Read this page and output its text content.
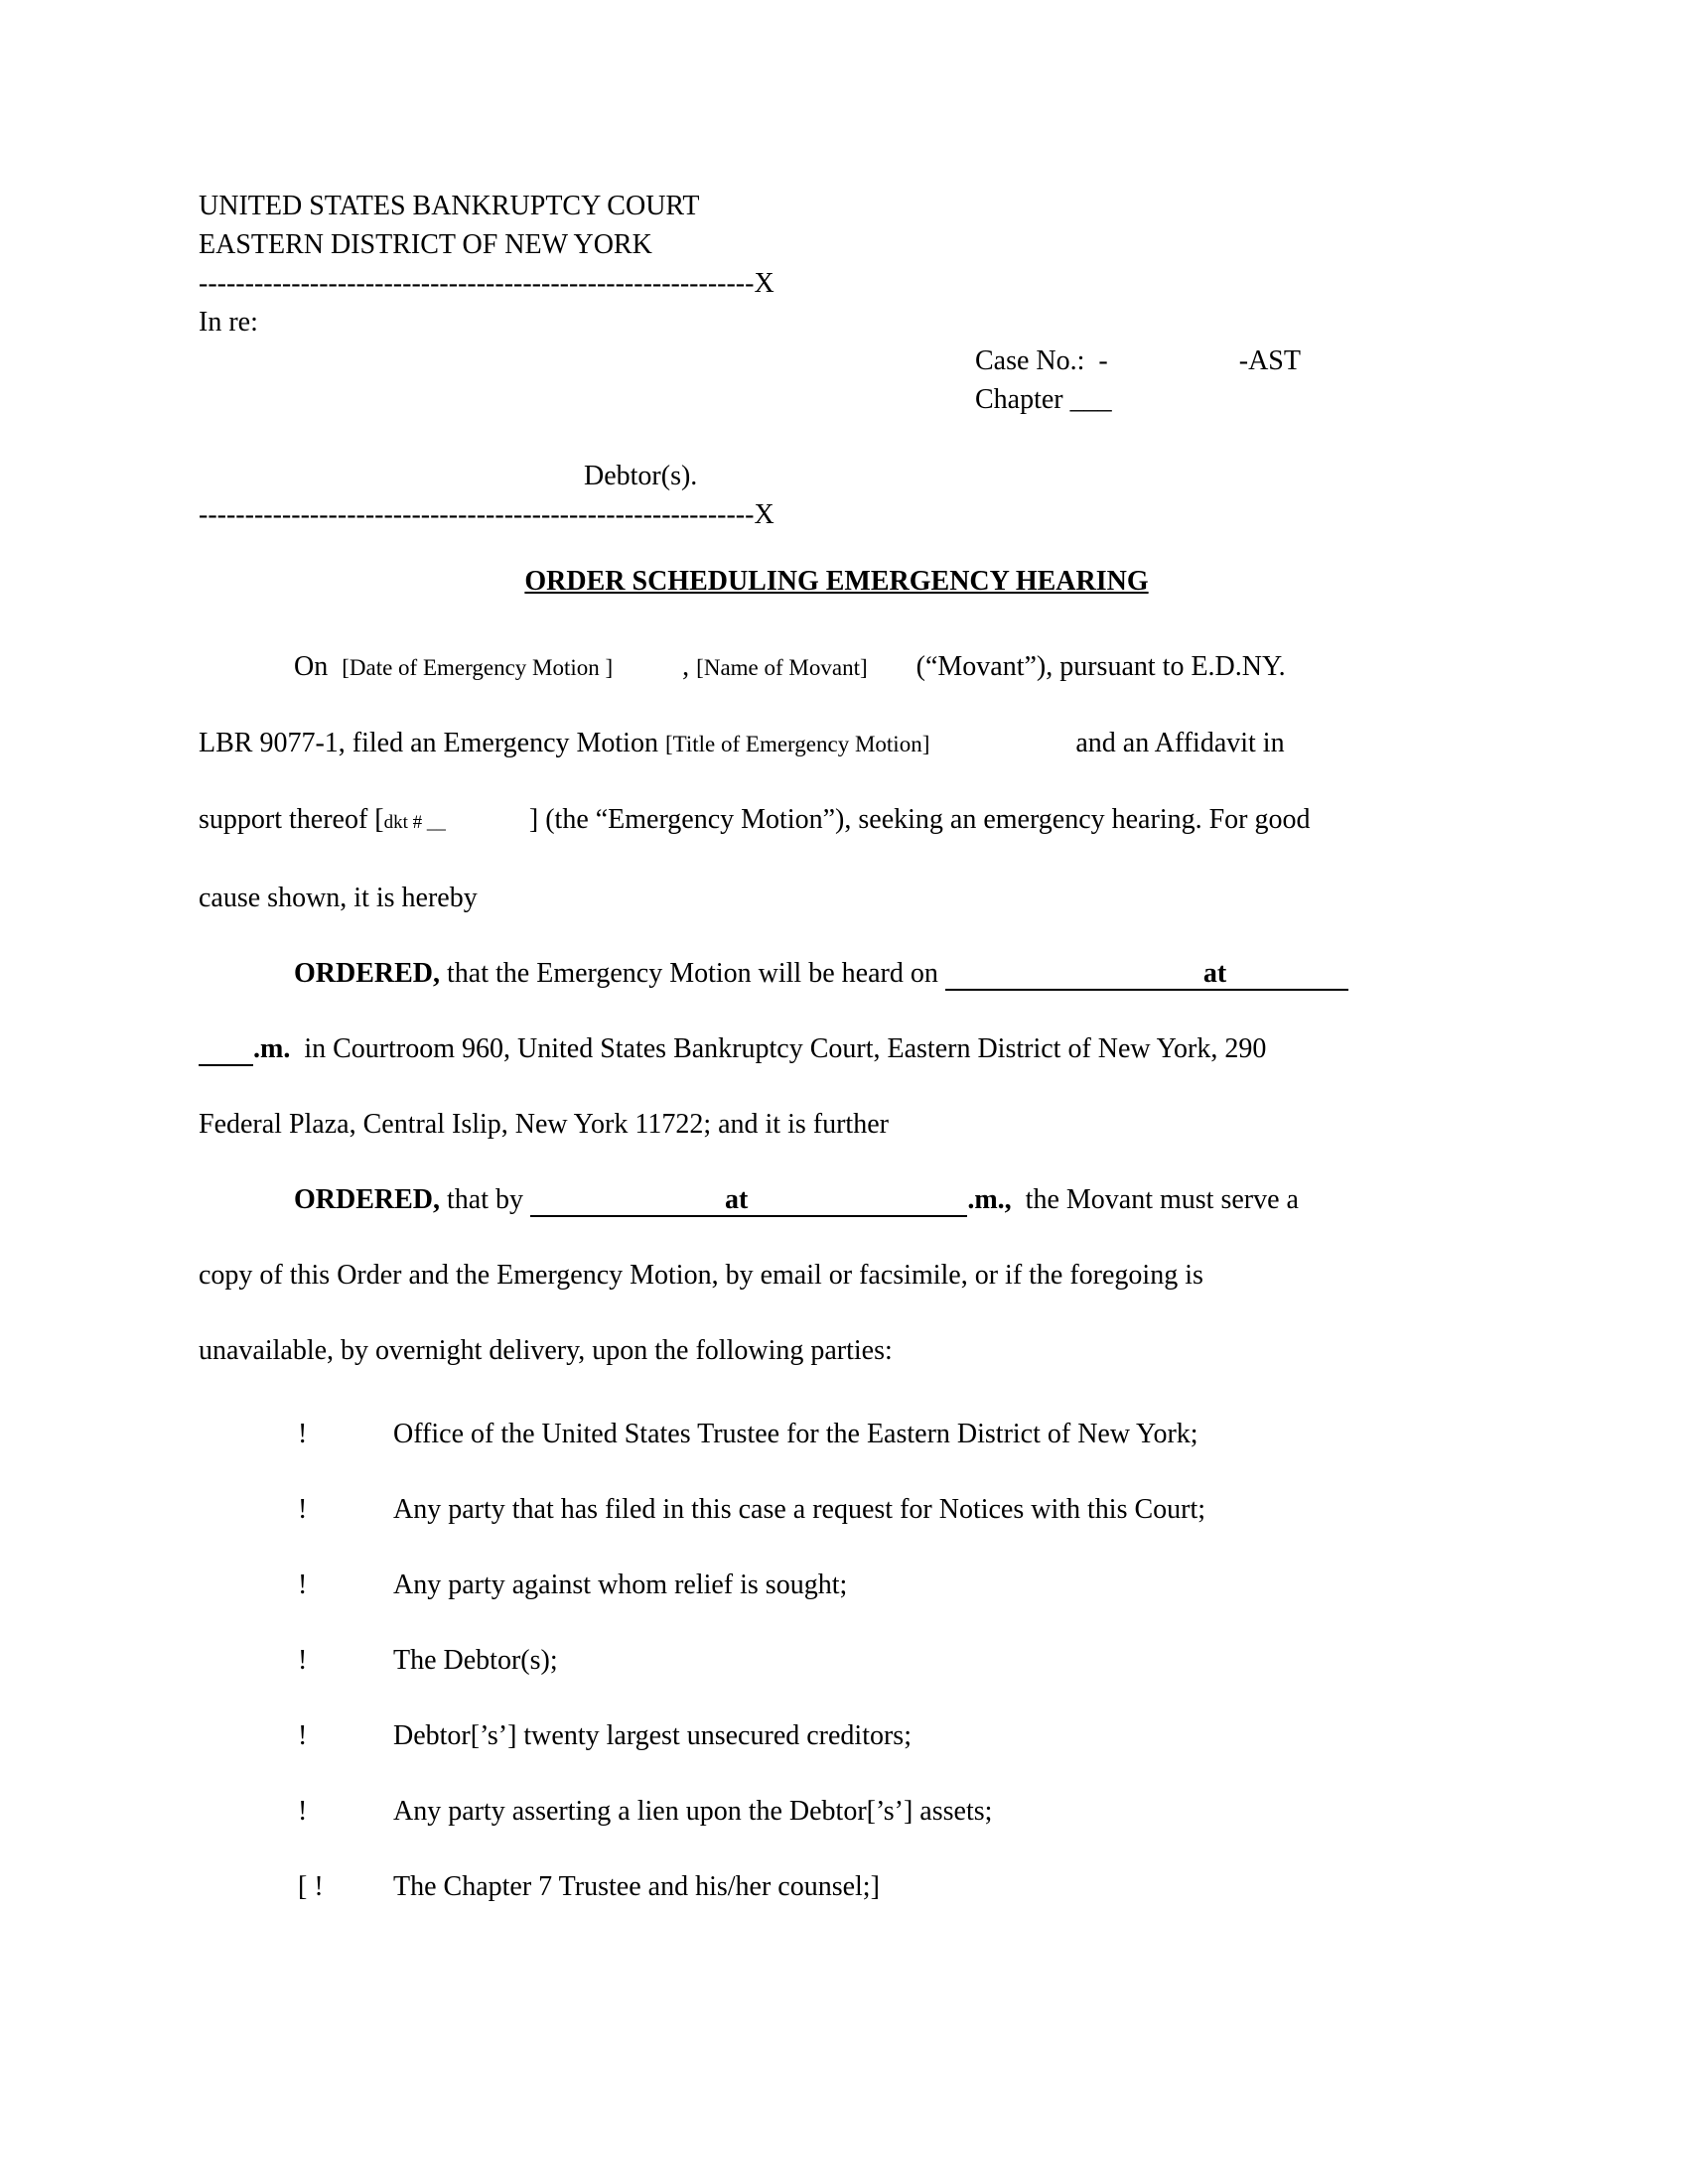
UNITED STATES BANKRUPTCY COURT
EASTERN DISTRICT OF NEW YORK
------------------------------------------------------------X
In re:
Case No.:  -	-AST
Chapter ___
Debtor(s).
------------------------------------------------------------X
ORDER SCHEDULING EMERGENCY HEARING
On  [Date of Emergency Motion ]          , [Name of Movant]       (“Movant”), pursuant to E.D.NY.
LBR 9077-1, filed an Emergency Motion [Title of Emergency Motion]                     and an Affidavit in
support thereof [dkt # __            ] (the “Emergency Motion”), seeking an emergency hearing. For good
cause shown, it is hereby
ORDERED, that the Emergency Motion will be heard on	at
.m.  in Courtroom 960, United States Bankruptcy Court, Eastern District of New York, 290
Federal Plaza, Central Islip, New York 11722; and it is further
ORDERED, that by	at	.m.,  the Movant must serve a
copy of this Order and the Emergency Motion, by email or facsimile, or if the foregoing is
unavailable, by overnight delivery, upon the following parties:
!	Office of the United States Trustee for the Eastern District of New York;
!	Any party that has filed in this case a request for Notices with this Court;
!	Any party against whom relief is sought;
!	The Debtor(s);
!	Debtor[’s’] twenty largest unsecured creditors;
!	Any party asserting a lien upon the Debtor[’s’] assets;
[ !	The Chapter 7 Trustee and his/her counsel;]
